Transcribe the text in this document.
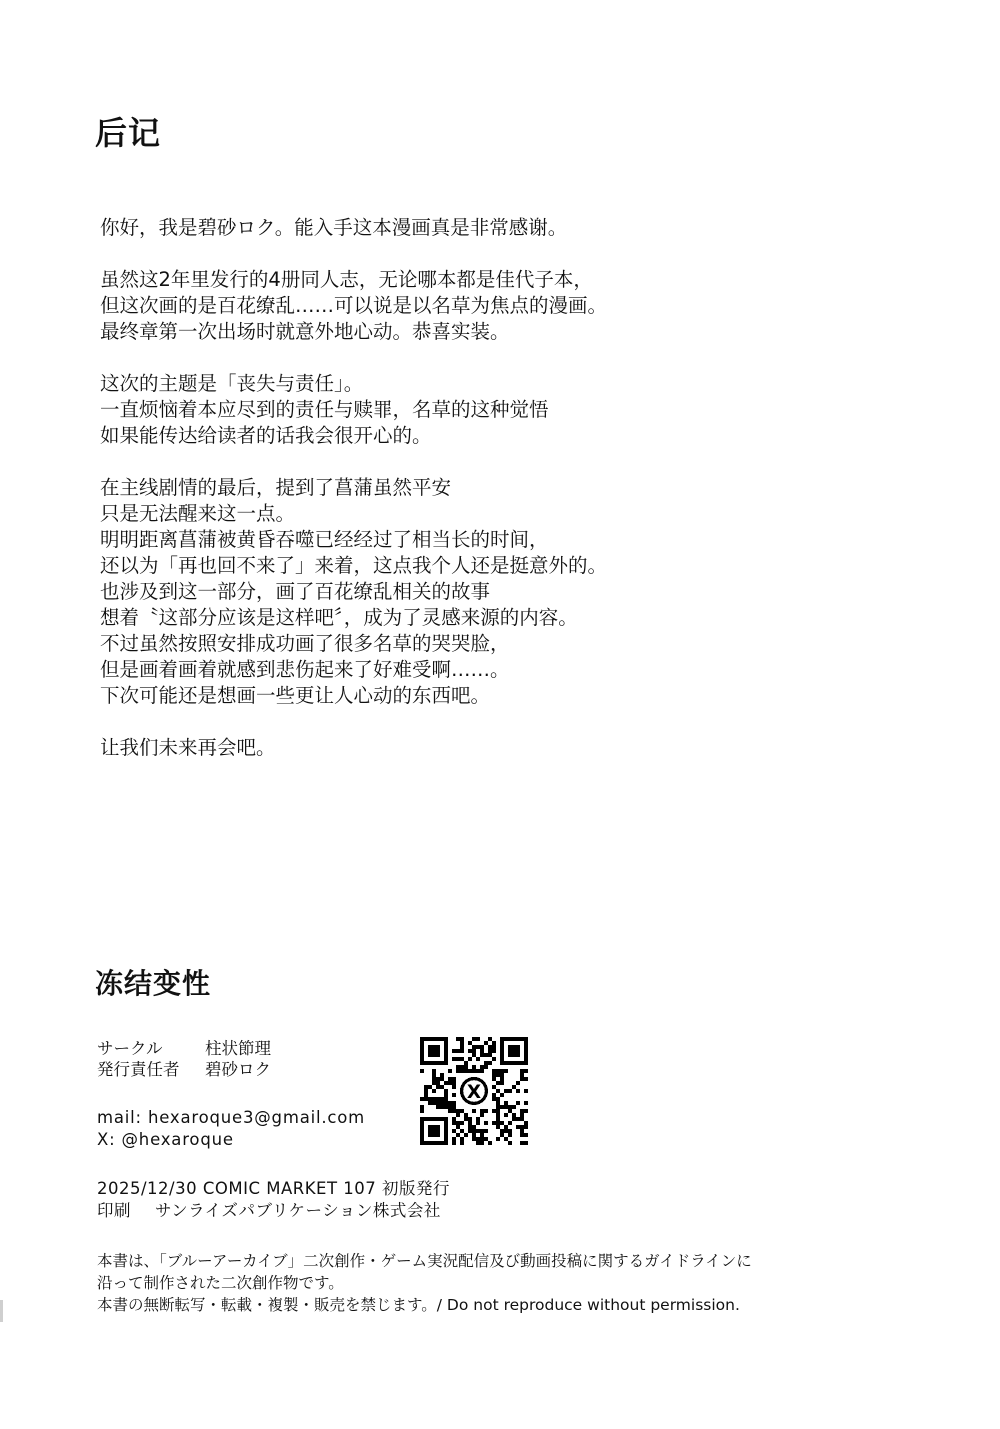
后记

你好，我是碧砂ロク。能入手这本漫画真是非常感谢。

虽然这2年里发行的4册同人志，无论哪本都是佳代子本，
但这次画的是百花缭乱……可以说是以名草为焦点的漫画。
最终章第一次出场时就意外地心动。恭喜实装。

这次的主题是「丧失与责任」。
一直烦恼着本应尽到的责任与赎罪，名草的这种觉悟
如果能传达给读者的话我会很开心的。

在主线剧情的最后，提到了菖蒲虽然平安
只是无法醒来这一点。
明明距离菖蒲被黄昏吞噬已经经过了相当长的时间，
还以为「再也回不来了」来着，这点我个人还是挺意外的。
也涉及到这一部分，画了百花缭乱相关的故事
想着〝这部分应该是这样吧〞，成为了灵感来源的内容。
不过虽然按照安排成功画了很多名草的哭哭脸，
但是画着画着就感到悲伤起来了好难受啊……。
下次可能还是想画一些更让人心动的东西吧。

让我们未来再会吧。

冻结变性
サークル	柱状節理
発行責任者	碧砂ロク
mail: hexaroque3@gmail.com
X: @hexaroque
X
2025/12/30 COMIC MARKET 107 初版発行
印刷 サンライズパブリケーション株式会社
本書は、「ブルーアーカイブ」二次創作・ゲーム実況配信及び動画投稿に関するガイドラインに
沿って制作された二次創作物です。
本書の無断転写・転載・複製・販売を禁じます。/ Do not reproduce without permission.
